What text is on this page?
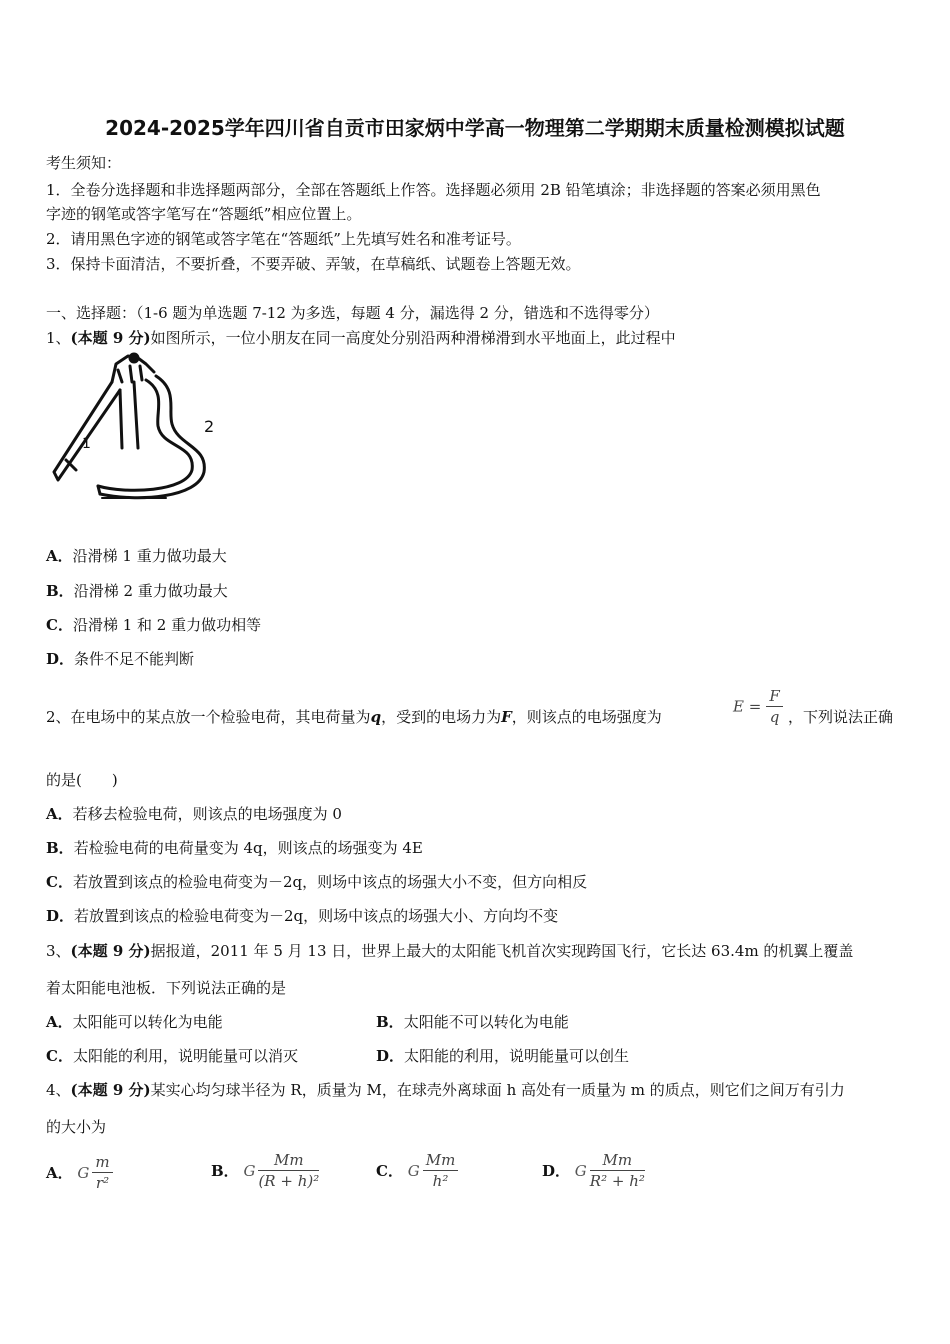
2024-2025学年四川省自贡市田家炳中学高一物理第二学期期末质量检测模拟试题
考生须知：
1．全卷分选择题和非选择题两部分，全部在答题纸上作答。选择题必须用 2B 铅笔填涂；非选择题的答案必须用黑色
字迹的钢笔或答字笔写在“答题纸”相应位置上。
2．请用黑色字迹的钢笔或答字笔在“答题纸”上先填写姓名和准考证号。
3．保持卡面清洁，不要折叠，不要弄破、弄皱，在草稿纸、试题卷上答题无效。
一、选择题：（1-6 题为单选题 7-12 为多选，每题 4 分，漏选得 2 分，错选和不选得零分）
1、(本题 9 分)如图所示，一位小朋友在同一高度处分别沿两种滑梯滑到水平地面上，此过程中
1
2
A．沿滑梯 1 重力做功最大
B．沿滑梯 2 重力做功最大
C．沿滑梯 1 和 2 重力做功相等
D．条件不足不能判断
2、在电场中的某点放一个检验电荷，其电荷量为q，受到的电场力为F，则该点的电场强度为
$E = \frac{F}{q}$ ，下列说法正确
的是(　　)
A．若移去检验电荷，则该点的电场强度为 0
B．若检验电荷的电荷量变为 4q，则该点的场强变为 4E
C．若放置到该点的检验电荷变为－2q，则场中该点的场强大小不变，但方向相反
D．若放置到该点的检验电荷变为－2q，则场中该点的场强大小、方向均不变
3、(本题 9 分)据报道，2011 年 5 月 13 日，世界上最大的太阳能飞机首次实现跨国飞行，它长达 63.4m 的机翼上覆盖
着太阳能电池板．下列说法正确的是
A．太阳能可以转化为电能	B．太阳能不可以转化为电能
C．太阳能的利用，说明能量可以消灭	D．太阳能的利用，说明能量可以创生
4、(本题 9 分)某实心均匀球半径为 R，质量为 M，在球壳外离球面 h 高处有一质量为 m 的质点，则它们之间万有引力
的大小为
A． G $\frac{m}{\text{r²}}$	B． G $\frac{Mm}{\text{(R + h)²}}$	C． G $\frac{Mm}{\text{h²}}$	D． G $\frac{Mm}{\text{R² + h²}}$
